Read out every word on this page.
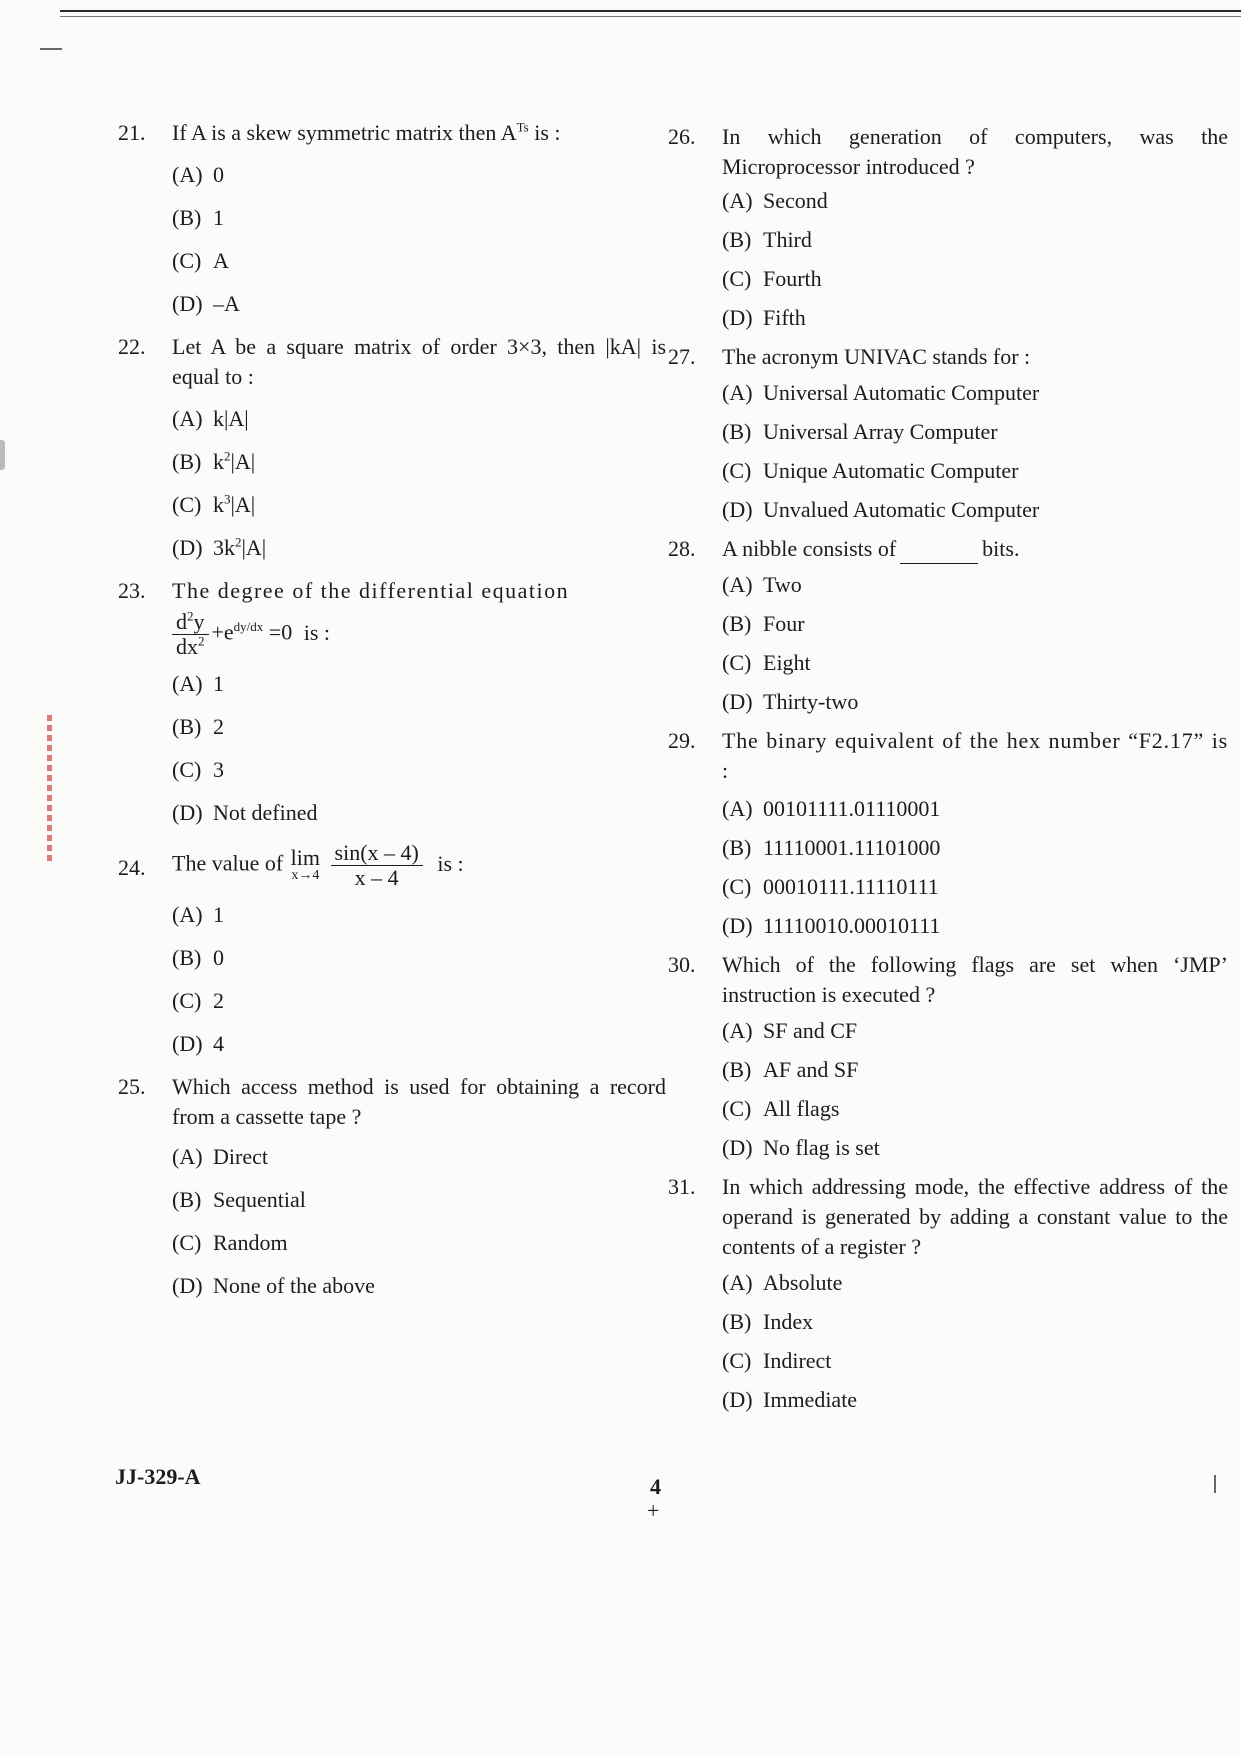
21. If A is a skew symmetric matrix then $A^{Ts}$ is :
(A) 0
(B) 1
(C) A
(D) –A
22. Let A be a square matrix of order 3×3, then |kA| is equal to :
(A) k|A|
(B) $k^2|A|$
(C) $k^3|A|$
(D) $3k^2|A|$
23. The degree of the differential equation
$\frac{d^2y}{dx^2} +e^{dy/dx} =0$ is :
(A) 1
(B) 2
(C) 3
(D) Not defined
24. The value of lim
x→4
$\frac{\sin(x - 4)}{x - 4}$ is :
(A) 1
(B) 0
(C) 2
(D) 4
25. Which access method is used for obtaining a record from a cassette tape ?
(A) Direct
(B) Sequential
(C) Random
(D) None of the above
26. In which generation of computers, was the Microprocessor introduced ?
(A) Second
(B) Third
(C) Fourth
(D) Fifth
27. The acronym UNIVAC stands for :
(A) Universal Automatic Computer
(B) Universal Array Computer
(C) Unique Automatic Computer
(D) Unvalued Automatic Computer
28. A nibble consists of	bits.
(A) Two
(B) Four
(C) Eight
(D) Thirty-two
29. The binary equivalent of the hex number “F2.17” is :
(A) 00101111.01110001
(B) 11110001.11101000
(C) 00010111.11110111
(D) 11110010.00010111
30. Which of the following flags are set when ‘JMP’ instruction is executed ?
(A) SF and CF
(B) AF and SF
(C) All flags
(D) No flag is set
31. In which addressing mode, the effective address of the operand is generated by adding a constant value to the contents of a register ?
(A) Absolute
(B) Index
(C) Indirect
(D) Immediate
JJ-329-A	4
+
